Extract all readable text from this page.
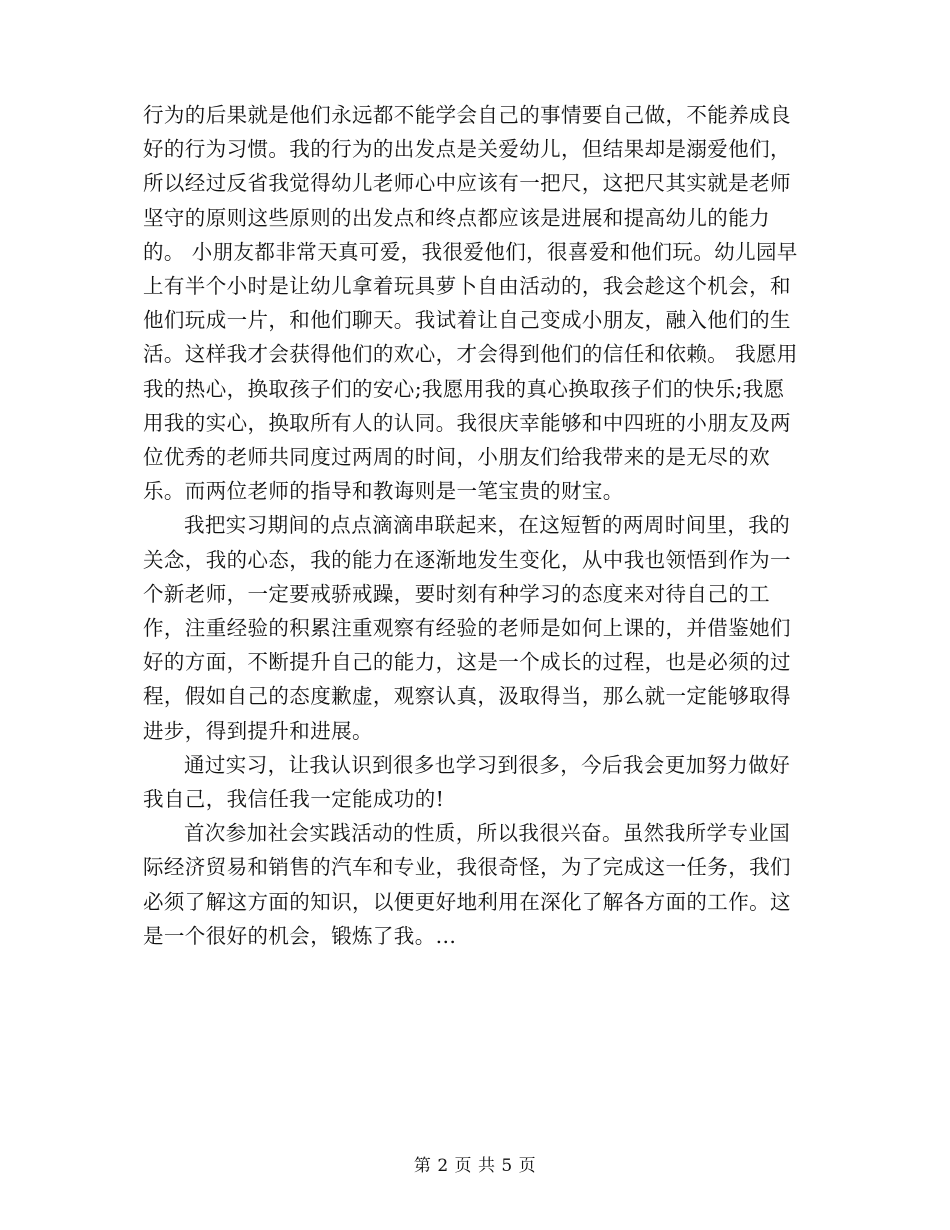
行为的后果就是他们永远都不能学会自己的事情要自己做，不能养成良好的行为习惯。我的行为的出发点是关爱幼儿，但结果却是溺爱他们，所以经过反省我觉得幼儿老师心中应该有一把尺，这把尺其实就是老师坚守的原则这些原则的出发点和终点都应该是进展和提高幼儿的能力的。 小朋友都非常天真可爱，我很爱他们，很喜爱和他们玩。幼儿园早上有半个小时是让幼儿拿着玩具萝卜自由活动的，我会趁这个机会，和他们玩成一片，和他们聊天。我试着让自己变成小朋友，融入他们的生活。这样我才会获得他们的欢心，才会得到他们的信任和依赖。 我愿用我的热心，换取孩子们的安心;我愿用我的真心换取孩子们的快乐;我愿用我的实心，换取所有人的认同。我很庆幸能够和中四班的小朋友及两位优秀的老师共同度过两周的时间，小朋友们给我带来的是无尽的欢乐。而两位老师的指导和教诲则是一笔宝贵的财宝。

我把实习期间的点点滴滴串联起来，在这短暂的两周时间里，我的关念，我的心态，我的能力在逐渐地发生变化，从中我也领悟到作为一个新老师，一定要戒骄戒躁，要时刻有种学习的态度来对待自己的工作，注重经验的积累注重观察有经验的老师是如何上课的，并借鉴她们好的方面，不断提升自己的能力，这是一个成长的过程，也是必须的过程，假如自己的态度歉虚，观察认真，汲取得当，那么就一定能够取得进步，得到提升和进展。

通过实习，让我认识到很多也学习到很多，今后我会更加努力做好我自己，我信任我一定能成功的!

首次参加社会实践活动的性质，所以我很兴奋。虽然我所学专业国际经济贸易和销售的汽车和专业，我很奇怪，为了完成这一任务，我们必须了解这方面的知识，以便更好地利用在深化了解各方面的工作。这是一个很好的机会，锻炼了我。...

第 2 页 共 5 页
